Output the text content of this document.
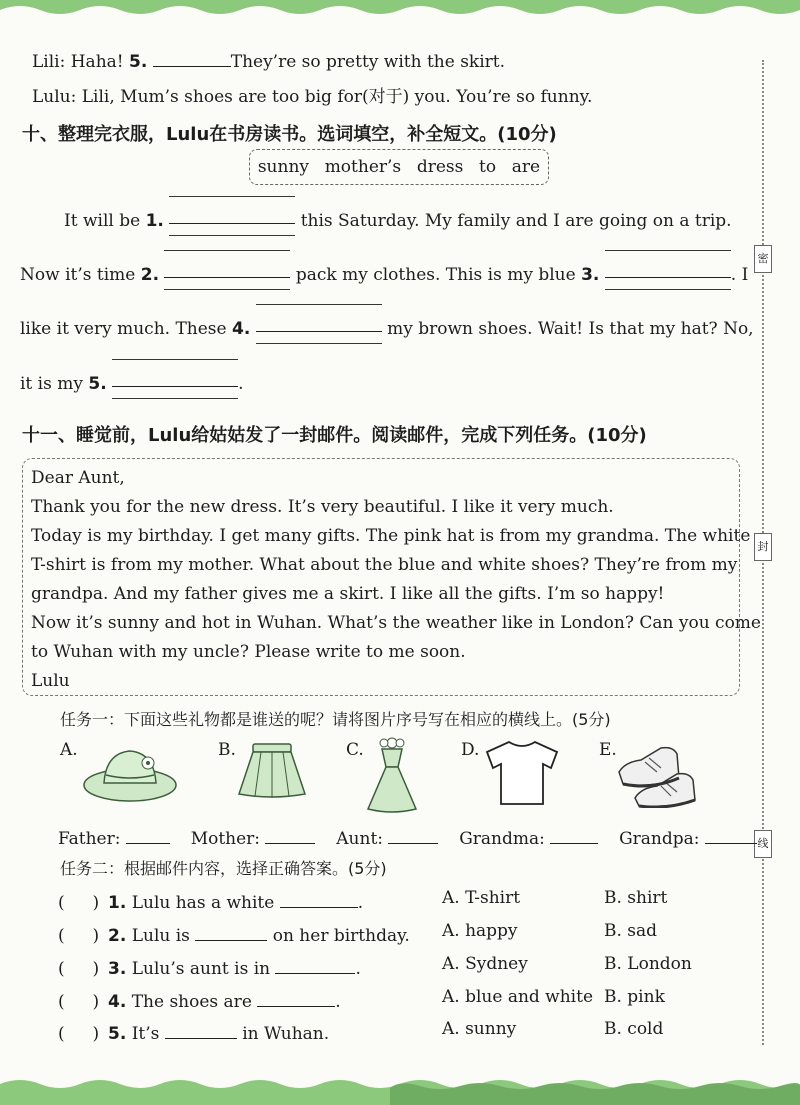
密
封
线
Lili: Haha! 5.	They’re so pretty with the skirt.
Lulu: Lili, Mum’s shoes are too big for(对于) you. You’re so funny.
十、整理完衣服，Lulu在书房读书。选词填空，补全短文。(10分)
sunny mother’s dress to are
It will be 1.	this Saturday. My family and I are going on a trip.
Now it’s time 2.	pack my clothes. This is my blue 3.	. I
like it very much. These 4.	my brown shoes. Wait! Is that my hat? No,
it is my 5.	.
十一、睡觉前，Lulu给姑姑发了一封邮件。阅读邮件，完成下列任务。(10分)
Dear Aunt,
Thank you for the new dress. It’s very beautiful. I like it very much.
Today is my birthday. I get many gifts. The pink hat is from my grandma. The white
T-shirt is from my mother. What about the blue and white shoes? They’re from my
grandpa. And my father gives me a skirt. I like all the gifts. I’m so happy!
Now it’s sunny and hot in Wuhan. What’s the weather like in London? Can you come
to Wuhan with my uncle? Please write to me soon.
Lulu
任务一：下面这些礼物都是谁送的呢？请将图片序号写在相应的横线上。(5分)
A.	B.	C.	D.	E.
Father:	Mother:	Aunt:	Grandma:	Grandpa:
任务二：根据邮件内容，选择正确答案。(5分)
(　  ) 1. Lulu has a white	.	A. T-shirt	B. shirt
(　  ) 2. Lulu is	on her birthday. A. happy	B. sad
(　  ) 3. Lulu’s aunt is in	.	A. Sydney	B. London
(　  ) 4. The shoes are	.	A. blue and white B. pink
(　  ) 5. It’s	in Wuhan.	A. sunny	B. cold
